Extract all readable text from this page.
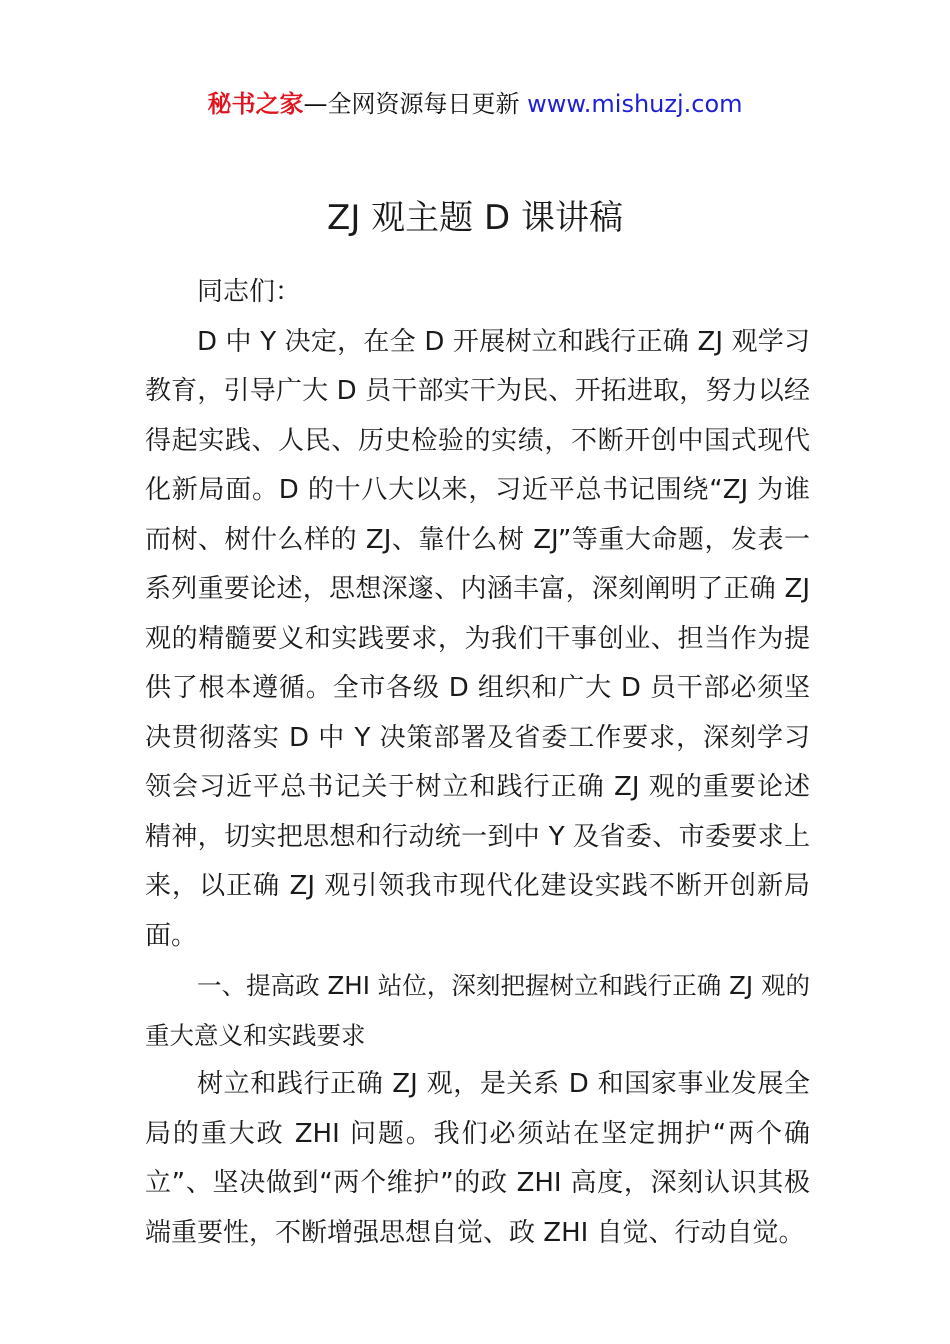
秘书之家—全网资源每日更新 www.mishuzj.com
ZJ 观主题 D 课讲稿

同志们：

D 中 Y 决定，在全 D 开展树立和践行正确 ZJ 观学习教育，引导广大 D 员干部实干为民、开拓进取，努力以经得起实践、人民、历史检验的实绩，不断开创中国式现代化新局面。D 的十八大以来，习近平总书记围绕“ZJ 为谁而树、树什么样的 ZJ、靠什么树 ZJ”等重大命题，发表一系列重要论述，思想深邃、内涵丰富，深刻阐明了正确 ZJ 观的精髓要义和实践要求，为我们干事创业、担当作为提供了根本遵循。全市各级 D 组织和广大 D 员干部必须坚决贯彻落实 D 中 Y 决策部署及省委工作要求，深刻学习领会习近平总书记关于树立和践行正确 ZJ 观的重要论述精神，切实把思想和行动统一到中 Y 及省委、市委要求上来，以正确 ZJ 观引领我市现代化建设实践不断开创新局面。

一、提高政 ZHI 站位，深刻把握树立和践行正确 ZJ 观的重大意义和实践要求

树立和践行正确 ZJ 观，是关系 D 和国家事业发展全局的重大政 ZHI 问题。我们必须站在坚定拥护“两个确立”、坚决做到“两个维护”的政 ZHI 高度，深刻认识其极端重要性，不断增强思想自觉、政 ZHI 自觉、行动自觉。
